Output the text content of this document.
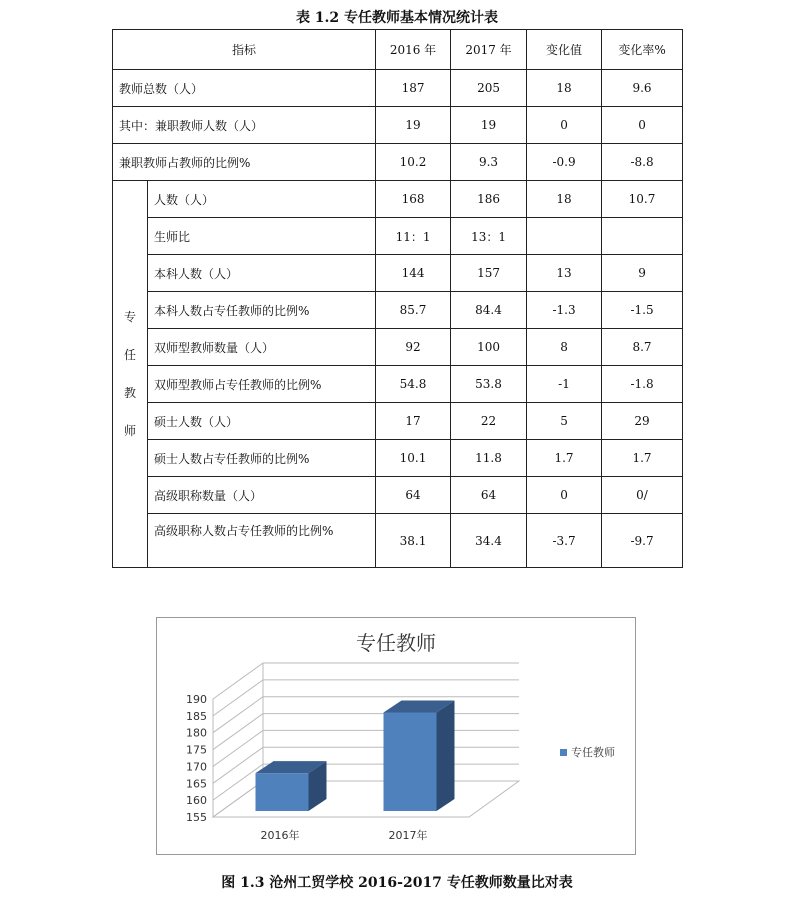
表 1.2 专任教师基本情况统计表
指标		2016 年	2017 年	变化值	变化率%
教师总数（人）		187	205	18	9.6
其中：兼职教师人数（人）		19	19	0	0
兼职教师占教师的比例%		10.2	9.3	-0.9	-8.8

专
任
教
师	人数（人）	168	186	18	10.7
	生师比	11：1	13：1		
	本科人数（人）	144	157	13	9
	本科人数占专任教师的比例%	85.7	84.4	-1.3	-1.5
	双师型教师数量（人）	92	100	8	8.7
	双师型教师占专任教师的比例%	54.8	53.8	-1	-1.8
	硕士人数（人）	17	22	5	29
	硕士人数占专任教师的比例%	10.1	11.8	1.7	1.7
	高级职称数量（人）	64	64	0	0/
	高级职称人数占专任教师的比例%	38.1	34.4	-3.7	-9.7
专任教师
155
160
165
170
175
180
185
190
2016年	2017年
专任教师
图 1.3 沧州工贸学校 2016-2017 专任教师数量比对表
